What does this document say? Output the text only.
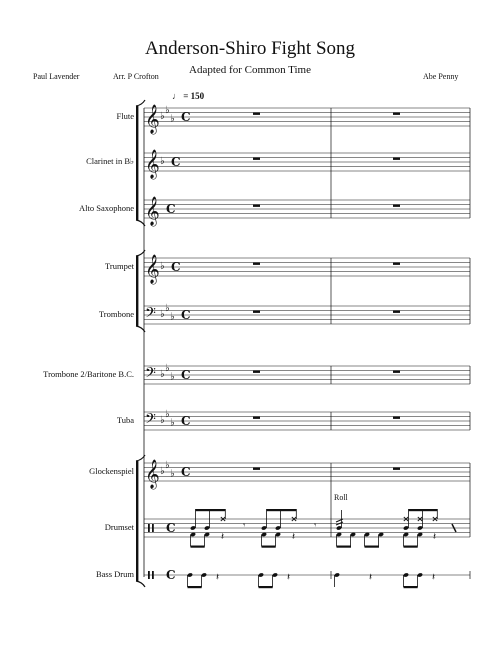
Anderson-Shiro Fight Song
Adapted for Common Time
Paul Lavender	Arr. P Crofton	Abe Penny
♩ = 150
Roll
Flute
Clarinet in B♭
Alto Saxophone
Trumpet
Trombone
Trombone 2/Baritone B.C.
Tuba
Glockenspiel
Drumset
Bass Drum
𝄞 ♭
♭
♭ C
𝄞 ♭ C
𝄞 C
𝄞 ♭ C
𝄢 ♭
♭
♭ C
𝄢 ♭
♭
♭ C
𝄢 ♭
♭
♭ C
𝄞 ♭
♭
♭ C
C
C
𝄽
𝄾
𝄽
𝄾
𝄽
𝄽	𝄽	𝄽	𝄽
